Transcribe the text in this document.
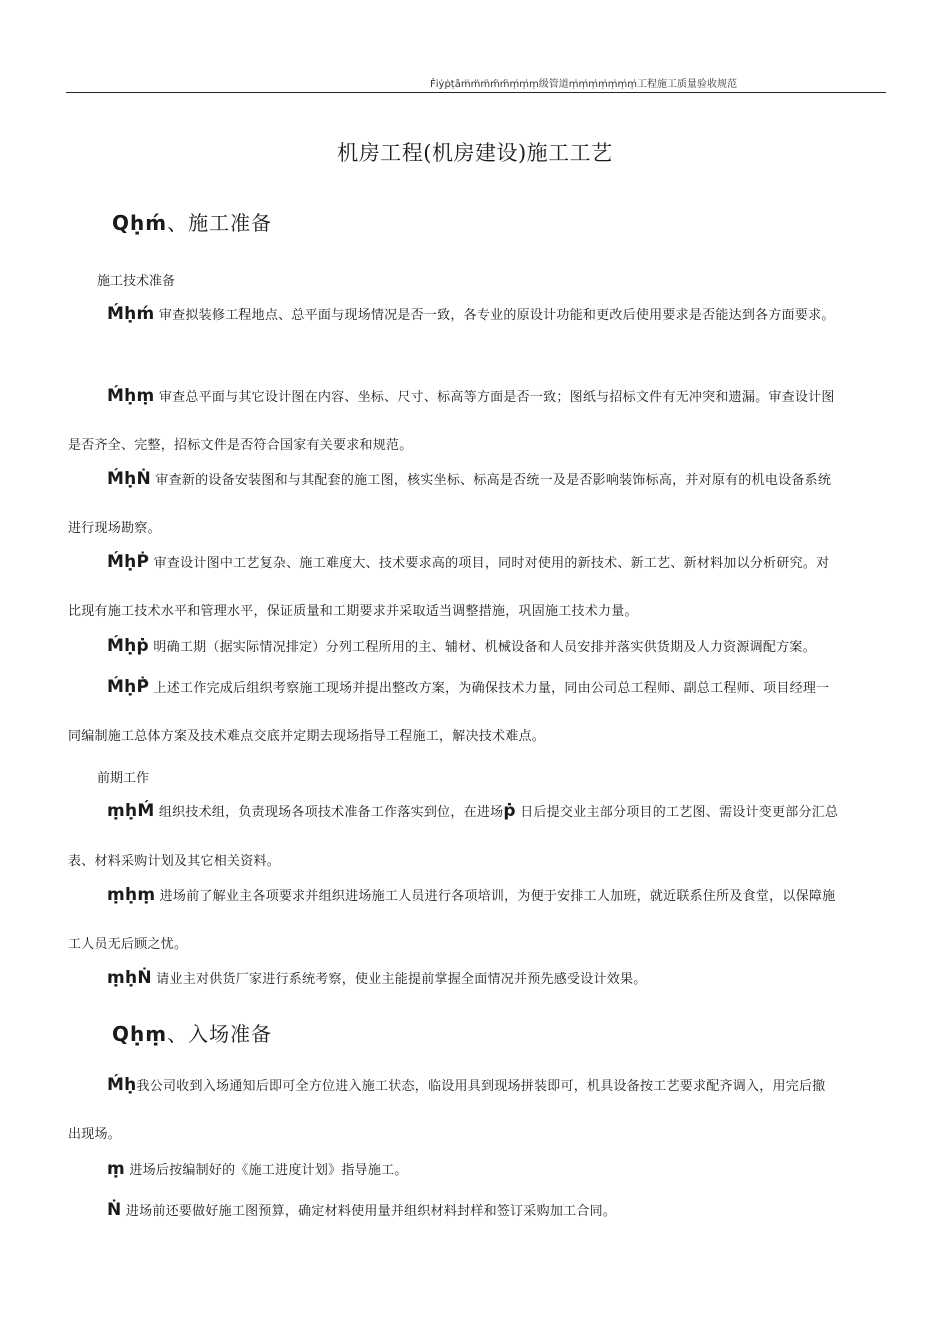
Ḟ̇ı̇ẏṗṭā̇ṁ̇ṁ̇ṁ̇ḿ̇ḿ̇ṃ̇ṃ̇ṃ级管道ṃ̇ṃ̇ṃ̇ṃ̇ṃ̇ṃ̇ṃ̇工程施工质量验收规范
机房工程(机房建设)施工工艺
Qḥḿ、施工准备
施工技术准备
Ḿḥḿ 审查拟装修工程地点、总平面与现场情况是否一致，各专业的原设计功能和更改后使用要求是否能达到各方面要求。
Ḿḥṃ 审查总平面与其它设计图在内容、坐标、尺寸、标高等方面是否一致；图纸与招标文件有无冲突和遗漏。审查设计图
是否齐全、完整，招标文件是否符合国家有关要求和规范。
ḾḥṄ 审查新的设备安装图和与其配套的施工图，核实坐标、标高是否统一及是否影响装饰标高，并对原有的机电设备系统
进行现场勘察。
ḾḥṖ 审查设计图中工艺复杂、施工难度大、技术要求高的项目，同时对使用的新技术、新工艺、新材料加以分析研究。对
比现有施工技术水平和管理水平，保证质量和工期要求并采取适当调整措施，巩固施工技术力量。
Ḿḥṗ 明确工期（据实际情况排定）分列工程所用的主、辅材、机械设备和人员安排并落实供货期及人力资源调配方案。
ḾḥṖ̇ 上述工作完成后组织考察施工现场并提出整改方案，为确保技术力量，同由公司总工程师、副总工程师、项目经理一
同编制施工总体方案及技术难点交底并定期去现场指导工程施工，解决技术难点。
前期工作
ṃḥḾ 组织技术组，负责现场各项技术准备工作落实到位，在进场ṗ 日后提交业主部分项目的工艺图、需设计变更部分汇总
表、材料采购计划及其它相关资料。
ṃḥṃ 进场前了解业主各项要求并组织进场施工人员进行各项培训，为便于安排工人加班，就近联系住所及食堂，以保障施
工人员无后顾之忧。
ṃḥṄ 请业主对供货厂家进行系统考察，使业主能提前掌握全面情况并预先感受设计效果。
Qḥṃ、入场准备
Ḿḥ我公司收到入场通知后即可全方位进入施工状态，临设用具到现场拼装即可，机具设备按工艺要求配齐调入，用完后撤
出现场。
ṃ 进场后按编制好的《施工进度计划》指导施工。
Ṅ 进场前还要做好施工图预算，确定材料使用量并组织材料封样和签订采购加工合同。
